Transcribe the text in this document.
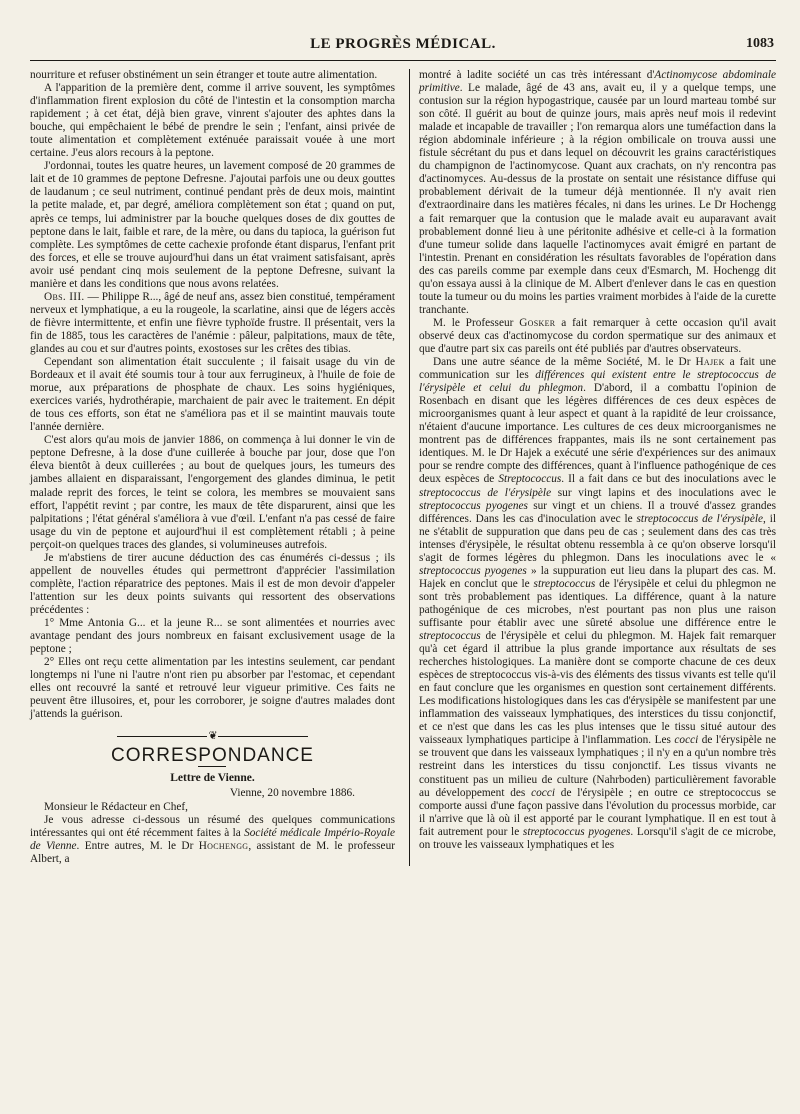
LE PROGRÈS MÉDICAL.	1083

nourriture et refuser obstinément un sein étranger et toute autre alimentation.

A l'apparition de la première dent, comme il arrive souvent, les symptômes d'inflammation firent explosion du côté de l'intestin et la consomption marcha rapidement ; à cet état, déjà bien grave, vinrent s'ajouter des aphtes dans la bouche, qui empêchaient le bébé de prendre le sein ; l'enfant, ainsi privée de toute alimentation et complètement exténuée paraissait vouée à une mort certaine. J'eus alors recours à la peptone.

J'ordonnai, toutes les quatre heures, un lavement composé de 20 grammes de lait et de 10 grammes de peptone Defresne. J'ajoutai parfois une ou deux gouttes de laudanum ; ce seul nutriment, continué pendant près de deux mois, maintint la petite malade, et, par degré, améliora complètement son état ; quand on put, après ce temps, lui administrer par la bouche quelques doses de dix gouttes de peptone dans le lait, faible et rare, de la mère, ou dans du tapioca, la guérison fut complète. Les symptômes de cette cachexie profonde étant disparus, l'enfant prit des forces, et elle se trouve aujourd'hui dans un état vraiment satisfaisant, après avoir usé pendant cinq mois seulement de la peptone Defresne, suivant la manière et dans les conditions que nous avons relatées.

Obs. III. — Philippe R..., âgé de neuf ans, assez bien constitué, tempérament nerveux et lymphatique, a eu la rougeole, la scarlatine, ainsi que de légers accès de fièvre intermittente, et enfin une fièvre typhoïde frustre. Il présentait, vers la fin de 1885, tous les caractères de l'anémie : pâleur, palpitations, maux de tête, glandes au cou et sur d'autres points, exostoses sur les crêtes des tibias.

Cependant son alimentation était succulente ; il faisait usage du vin de Bordeaux et il avait été soumis tour à tour aux ferrugineux, à l'huile de foie de morue, aux préparations de phosphate de chaux. Les soins hygiéniques, exercices variés, hydrothérapie, marchaient de pair avec le traitement. En dépit de tous ces efforts, son état ne s'améliora pas et il se maintint mauvais toute l'année dernière.

C'est alors qu'au mois de janvier 1886, on commença à lui donner le vin de peptone Defresne, à la dose d'une cuillerée à bouche par jour, dose que l'on éleva bientôt à deux cuillerées ; au bout de quelques jours, les tumeurs des jambes allaient en disparaissant, l'engorgement des glandes diminua, le petit malade reprit des forces, le teint se colora, les membres se mouvaient sans effort, l'appétit revint ; par contre, les maux de tête disparurent, ainsi que les palpitations ; l'état général s'améliora à vue d'œil. L'enfant n'a pas cessé de faire usage du vin de peptone et aujourd'hui il est complètement rétabli ; à peine perçoit-on quelques traces des glandes, si volumineuses autrefois.

Je m'abstiens de tirer aucune déduction des cas énumérés ci-dessus ; ils appellent de nouvelles études qui permettront d'apprécier l'assimilation complète, l'action réparatrice des peptones. Mais il est de mon devoir d'appeler l'attention sur les deux points suivants qui ressortent des observations précédentes :

1° Mme Antonia G... et la jeune R... se sont alimentées et nourries avec avantage pendant des jours nombreux en faisant exclusivement usage de la peptone ;

2° Elles ont reçu cette alimentation par les intestins seulement, car pendant longtemps ni l'une ni l'autre n'ont rien pu absorber par l'estomac, et cependant elles ont recouvré la santé et retrouvé leur vigueur primitive. Ces faits ne peuvent être illusoires, et, pour les corroborer, je soigne d'autres malades dont j'attends la guérison.

❦
CORRESPONDANCE
Lettre de Vienne.

Vienne, 20 novembre 1886.

Monsieur le Rédacteur en Chef,

Je vous adresse ci-dessous un résumé des quelques communications intéressantes qui ont été récemment faites à la Société médicale Império-Royale de Vienne. Entre autres, M. le Dr Hochengg, assistant de M. le professeur Albert, a

montré à ladite société un cas très intéressant d'Actinomycose abdominale primitive. Le malade, âgé de 43 ans, avait eu, il y a quelque temps, une contusion sur la région hypogastrique, causée par un lourd marteau tombé sur son côté. Il guérit au bout de quinze jours, mais après neuf mois il redevint malade et incapable de travailler ; l'on remarqua alors une tuméfaction dans la région abdominale inférieure ; à la région ombilicale on trouva aussi une fistule sécrétant du pus et dans lequel on découvrit les grains caractéristiques du champignon de l'actinomycose. Quant aux crachats, on n'y rencontra pas d'actinomyces. Au-dessus de la prostate on sentait une résistance diffuse qui probablement dérivait de la tumeur déjà mentionnée. Il n'y avait rien d'extraordinaire dans les matières fécales, ni dans les urines. Le Dr Hochengg a fait remarquer que la contusion que le malade avait eu auparavant avait probablement donné lieu à une péritonite adhésive et celle-ci à la formation d'une tumeur solide dans laquelle l'actinomyces avait émigré en partant de l'intestin. Prenant en considération les résultats favorables de l'opération dans des cas pareils comme par exemple dans ceux d'Esmarch, M. Hochengg dit qu'on essaya aussi à la clinique de M. Albert d'enlever dans le cas en question toute la tumeur ou du moins les parties vraiment morbides à l'aide de la curette tranchante.

M. le Professeur Gosker a fait remarquer à cette occasion qu'il avait observé deux cas d'actinomycose du cordon spermatique sur des animaux et que d'autre part six cas pareils ont été publiés par d'autres observateurs.

Dans une autre séance de la même Société, M. le Dr Hajek a fait une communication sur les différences qui existent entre le streptococcus de l'érysipèle et celui du phlegmon. D'abord, il a combattu l'opinion de Rosenbach en disant que les légères différences de ces deux espèces de microorganismes quant à leur aspect et quant à la rapidité de leur croissance, n'étaient d'aucune importance. Les cultures de ces deux microorganismes ne montrent pas de différences frappantes, mais ils ne sont certainement pas identiques. M. le Dr Hajek a exécuté une série d'expériences sur des animaux pour se rendre compte des différences, quant à l'influence pathogénique de ces deux espèces de Streptococcus. Il a fait dans ce but des inoculations avec le streptococcus de l'érysipèle sur vingt lapins et des inoculations avec le streptococcus pyogenes sur vingt et un chiens. Il a trouvé d'assez grandes différences. Dans les cas d'inoculation avec le streptococcus de l'érysipèle, il ne s'établit de suppuration que dans peu de cas ; seulement dans des cas très intenses d'érysipèle, le résultat obtenu ressembla à ce qu'on observe lorsqu'il s'agit de formes légères du phlegmon. Dans les inoculations avec le « streptococcus pyogenes » la suppuration eut lieu dans la plupart des cas. M. Hajek en conclut que le streptococcus de l'érysipèle et celui du phlegmon ne sont très probablement pas identiques. La différence, quant à la nature pathogénique de ces microbes, n'est pourtant pas non plus une raison suffisante pour établir avec une sûreté absolue une différence entre le streptococcus de l'érysipèle et celui du phlegmon. M. Hajek fait remarquer qu'à cet égard il attribue la plus grande importance aux résultats de ses recherches histologiques. La manière dont se comporte chacune de ces deux espèces de streptococcus vis-à-vis des éléments des tissus vivants est telle qu'il en faut conclure que les organismes en question sont certainement différents. Les modifications histologiques dans les cas d'érysipèle se manifestent par une inflammation des vaisseaux lymphatiques, des interstices du tissu conjonctif, et ce n'est que dans les cas les plus intenses que le tissu situé autour des vaisseaux lymphatiques participe à l'inflammation. Les cocci de l'érysipèle ne se trouvent que dans les vaisseaux lymphatiques ; il n'y en a qu'un nombre très restreint dans les interstices du tissu conjonctif. Les tissus vivants ne constituent pas un milieu de culture (Nahrboden) particulièrement favorable au développement des cocci de l'érysipèle ; en outre ce streptococcus se comporte aussi d'une façon passive dans l'évolution du processus morbide, car il n'arrive que là où il est apporté par le courant lymphatique. Il en est tout à fait autrement pour le streptococcus pyogenes. Lorsqu'il s'agit de ce microbe, on trouve les vaisseaux lymphatiques et les
